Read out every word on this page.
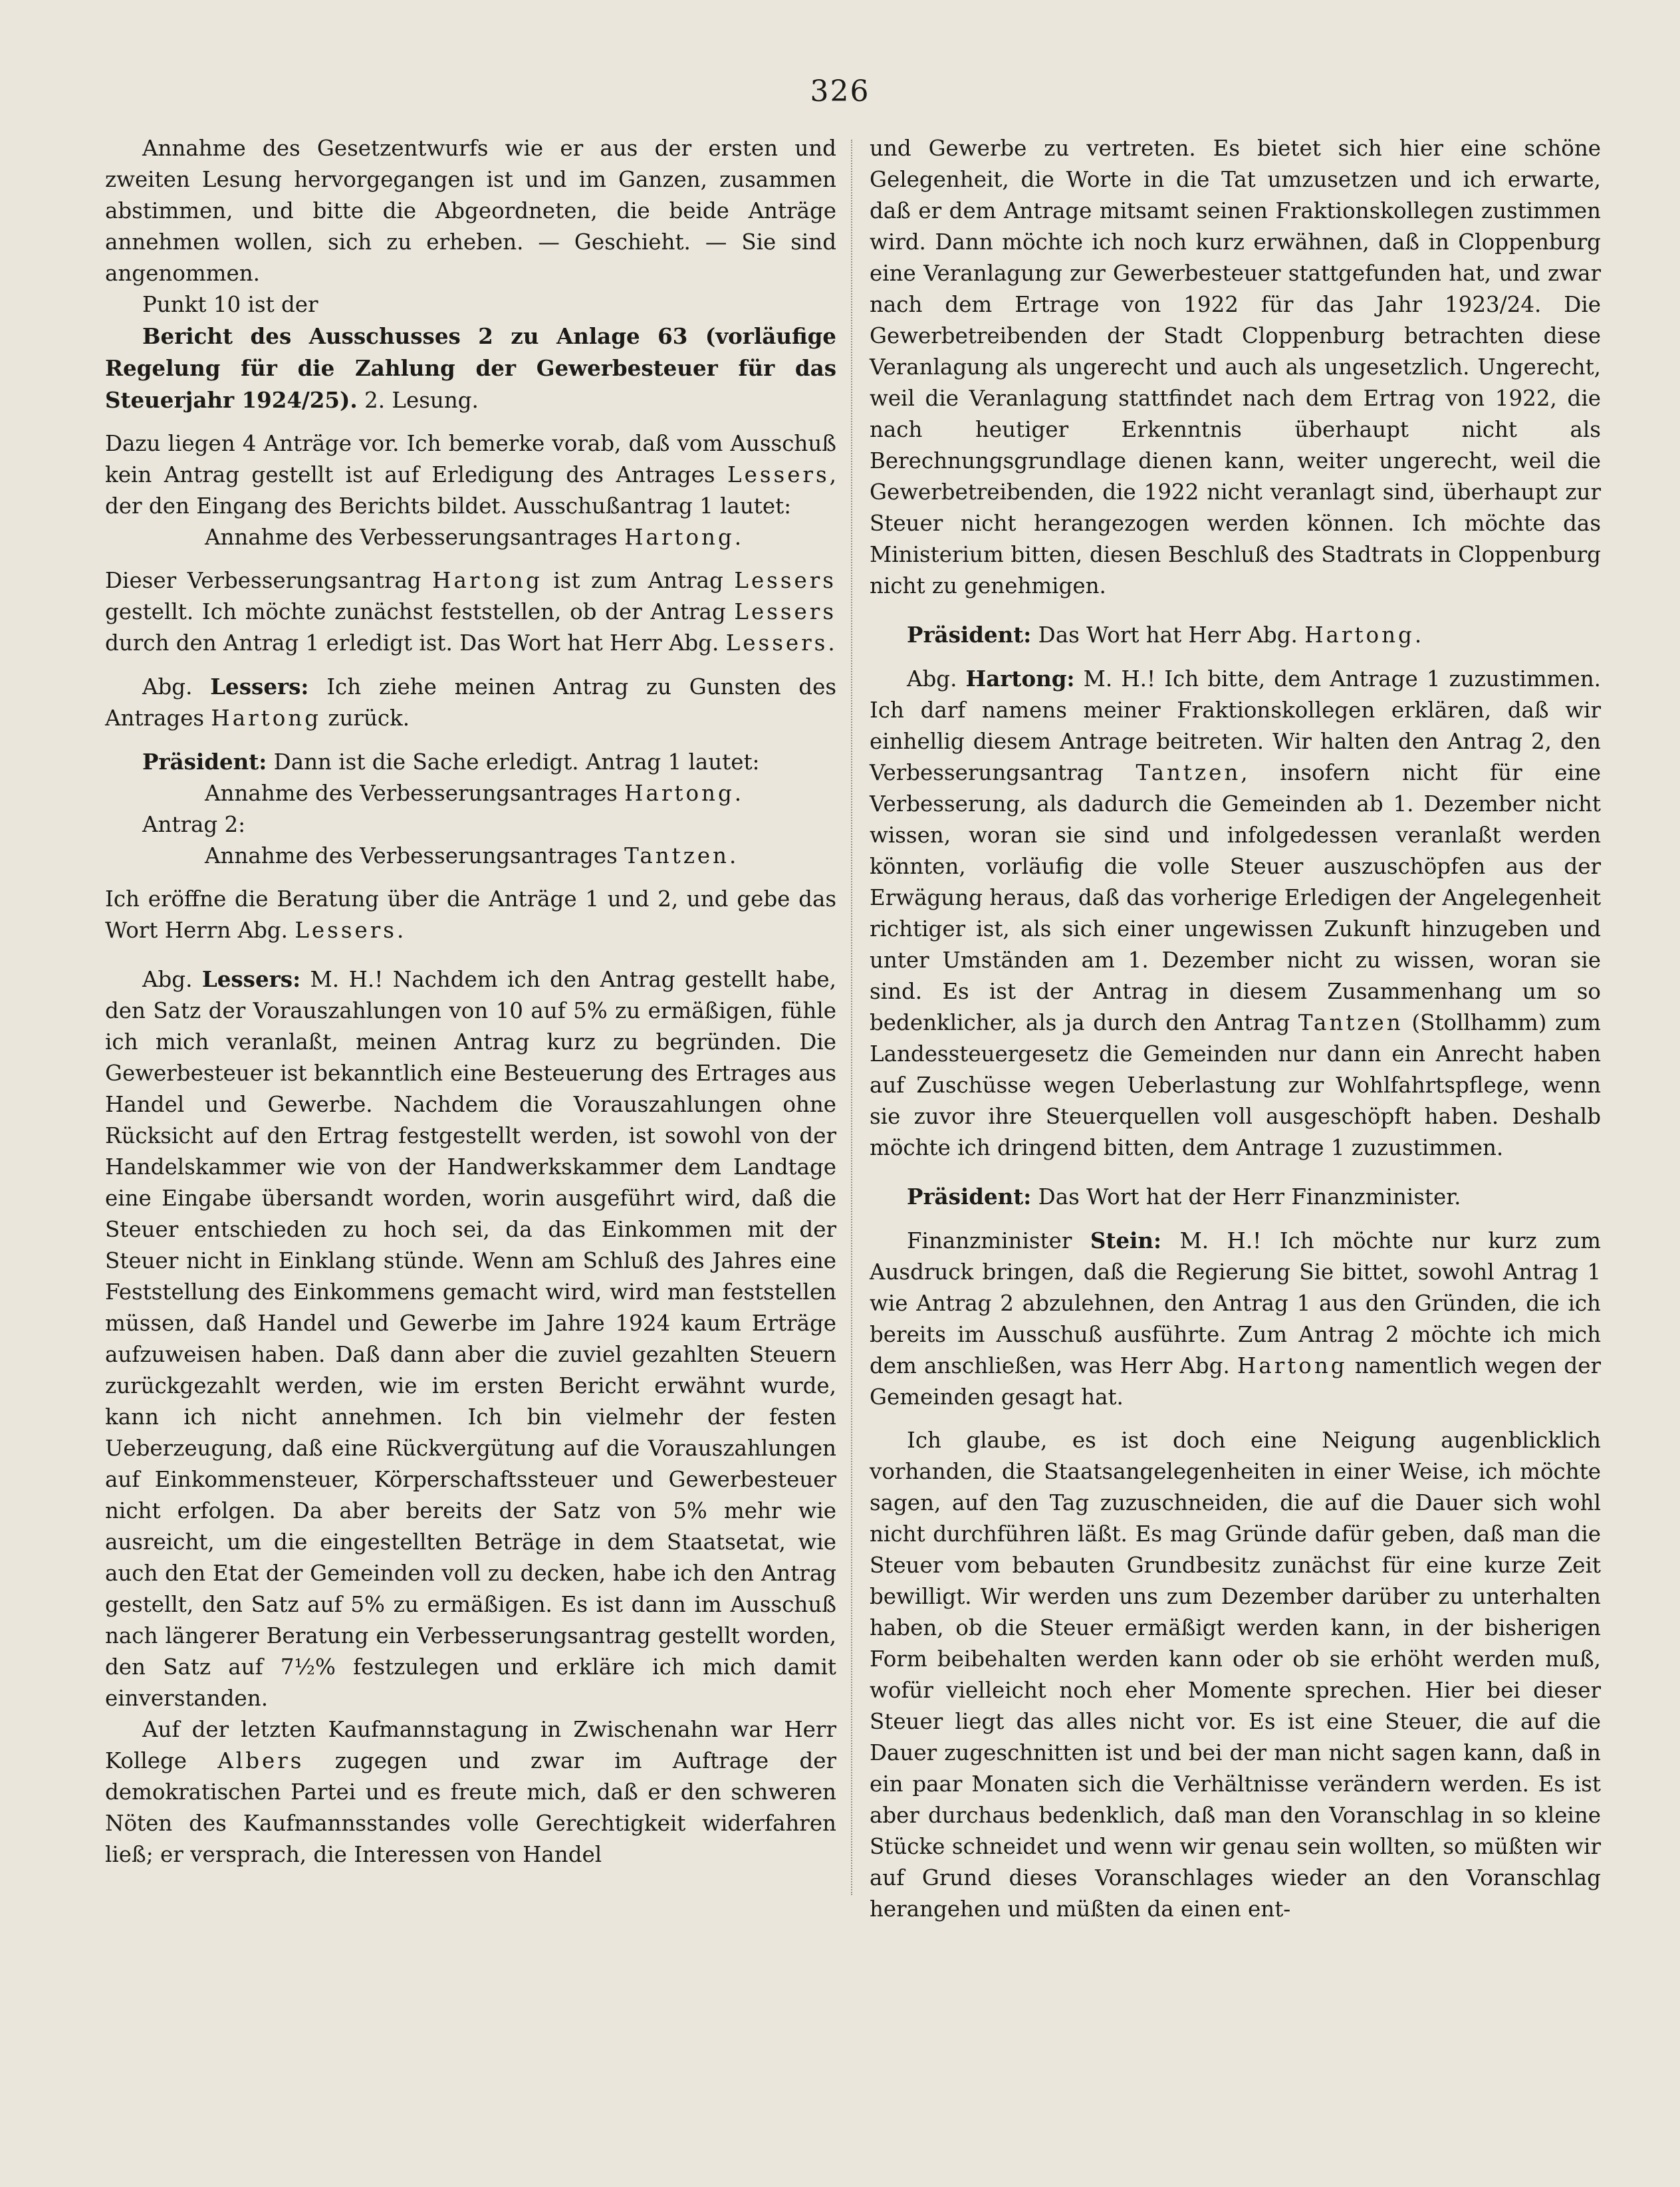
326

Annahme des Gesetzentwurfs wie er aus der ersten und zweiten Lesung hervorgegangen ist und im Ganzen, zusammen abstimmen, und bitte die Abgeordneten, die beide Anträge annehmen wollen, sich zu erheben. — Geschieht. — Sie sind angenommen.

Punkt 10 ist der

Bericht des Ausschusses 2 zu Anlage 63 (vorläufige Regelung für die Zahlung der Gewerbesteuer für das Steuerjahr 1924/25). 2. Lesung.

Dazu liegen 4 Anträge vor. Ich bemerke vorab, daß vom Ausschuß kein Antrag gestellt ist auf Erledigung des Antrages Lessers, der den Eingang des Berichts bildet. Ausschußantrag 1 lautet:

Annahme des Verbesserungsantrages Hartong.

Dieser Verbesserungsantrag Hartong ist zum Antrag Lessers gestellt. Ich möchte zunächst feststellen, ob der Antrag Lessers durch den Antrag 1 erledigt ist. Das Wort hat Herr Abg. Lessers.

Abg. Lessers: Ich ziehe meinen Antrag zu Gunsten des Antrages Hartong zurück.

Präsident: Dann ist die Sache erledigt. Antrag 1 lautet:

Annahme des Verbesserungsantrages Hartong.

Antrag 2:

Annahme des Verbesserungsantrages Tantzen.

Ich eröffne die Beratung über die Anträge 1 und 2, und gebe das Wort Herrn Abg. Lessers.

Abg. Lessers: M. H.! Nachdem ich den Antrag gestellt habe, den Satz der Vorauszahlungen von 10 auf 5% zu ermäßigen, fühle ich mich veranlaßt, meinen Antrag kurz zu begründen. Die Gewerbesteuer ist bekanntlich eine Besteuerung des Ertrages aus Handel und Gewerbe. Nachdem die Vorauszahlungen ohne Rücksicht auf den Ertrag festgestellt werden, ist sowohl von der Handelskammer wie von der Handwerkskammer dem Landtage eine Eingabe übersandt worden, worin ausgeführt wird, daß die Steuer entschieden zu hoch sei, da das Einkommen mit der Steuer nicht in Einklang stünde. Wenn am Schluß des Jahres eine Feststellung des Einkommens gemacht wird, wird man feststellen müssen, daß Handel und Gewerbe im Jahre 1924 kaum Erträge aufzuweisen haben. Daß dann aber die zuviel gezahlten Steuern zurückgezahlt werden, wie im ersten Bericht erwähnt wurde, kann ich nicht annehmen. Ich bin vielmehr der festen Ueberzeugung, daß eine Rückvergütung auf die Vorauszahlungen auf Einkommensteuer, Körperschaftssteuer und Gewerbesteuer nicht erfolgen. Da aber bereits der Satz von 5% mehr wie ausreicht, um die eingestellten Beträge in dem Staatsetat, wie auch den Etat der Gemeinden voll zu decken, habe ich den Antrag gestellt, den Satz auf 5% zu ermäßigen. Es ist dann im Ausschuß nach längerer Beratung ein Verbesserungsantrag gestellt worden, den Satz auf 7½% festzulegen und erkläre ich mich damit einverstanden.

Auf der letzten Kaufmannstagung in Zwischenahn war Herr Kollege Albers zugegen und zwar im Auftrage der demokratischen Partei und es freute mich, daß er den schweren Nöten des Kaufmannsstandes volle Gerechtigkeit widerfahren ließ; er versprach, die Interessen von Handel

und Gewerbe zu vertreten. Es bietet sich hier eine schöne Gelegenheit, die Worte in die Tat umzusetzen und ich erwarte, daß er dem Antrage mitsamt seinen Fraktionskollegen zustimmen wird. Dann möchte ich noch kurz erwähnen, daß in Cloppenburg eine Veranlagung zur Gewerbesteuer stattgefunden hat, und zwar nach dem Ertrage von 1922 für das Jahr 1923/24. Die Gewerbetreibenden der Stadt Cloppenburg betrachten diese Veranlagung als ungerecht und auch als ungesetzlich. Ungerecht, weil die Veranlagung stattfindet nach dem Ertrag von 1922, die nach heutiger Erkenntnis überhaupt nicht als Berechnungsgrundlage dienen kann, weiter ungerecht, weil die Gewerbetreibenden, die 1922 nicht veranlagt sind, überhaupt zur Steuer nicht herangezogen werden können. Ich möchte das Ministerium bitten, diesen Beschluß des Stadtrats in Cloppenburg nicht zu genehmigen.

Präsident: Das Wort hat Herr Abg. Hartong.

Abg. Hartong: M. H.! Ich bitte, dem Antrage 1 zuzustimmen. Ich darf namens meiner Fraktionskollegen erklären, daß wir einhellig diesem Antrage beitreten. Wir halten den Antrag 2, den Verbesserungsantrag Tantzen, insofern nicht für eine Verbesserung, als dadurch die Gemeinden ab 1. Dezember nicht wissen, woran sie sind und infolgedessen veranlaßt werden könnten, vorläufig die volle Steuer auszuschöpfen aus der Erwägung heraus, daß das vorherige Erledigen der Angelegenheit richtiger ist, als sich einer ungewissen Zukunft hinzugeben und unter Umständen am 1. Dezember nicht zu wissen, woran sie sind. Es ist der Antrag in diesem Zusammenhang um so bedenklicher, als ja durch den Antrag Tantzen (Stollhamm) zum Landessteuergesetz die Gemeinden nur dann ein Anrecht haben auf Zuschüsse wegen Ueberlastung zur Wohlfahrtspflege, wenn sie zuvor ihre Steuerquellen voll ausgeschöpft haben. Deshalb möchte ich dringend bitten, dem Antrage 1 zuzustimmen.

Präsident: Das Wort hat der Herr Finanzminister.

Finanzminister Stein: M. H.! Ich möchte nur kurz zum Ausdruck bringen, daß die Regierung Sie bittet, sowohl Antrag 1 wie Antrag 2 abzulehnen, den Antrag 1 aus den Gründen, die ich bereits im Ausschuß ausführte. Zum Antrag 2 möchte ich mich dem anschließen, was Herr Abg. Hartong namentlich wegen der Gemeinden gesagt hat.

Ich glaube, es ist doch eine Neigung augenblicklich vorhanden, die Staatsangelegenheiten in einer Weise, ich möchte sagen, auf den Tag zuzuschneiden, die auf die Dauer sich wohl nicht durchführen läßt. Es mag Gründe dafür geben, daß man die Steuer vom bebauten Grundbesitz zunächst für eine kurze Zeit bewilligt. Wir werden uns zum Dezember darüber zu unterhalten haben, ob die Steuer ermäßigt werden kann, in der bisherigen Form beibehalten werden kann oder ob sie erhöht werden muß, wofür vielleicht noch eher Momente sprechen. Hier bei dieser Steuer liegt das alles nicht vor. Es ist eine Steuer, die auf die Dauer zugeschnitten ist und bei der man nicht sagen kann, daß in ein paar Monaten sich die Verhältnisse verändern werden. Es ist aber durchaus bedenklich, daß man den Voranschlag in so kleine Stücke schneidet und wenn wir genau sein wollten, so müßten wir auf Grund dieses Voranschlages wieder an den Voranschlag herangehen und müßten da einen ent-
